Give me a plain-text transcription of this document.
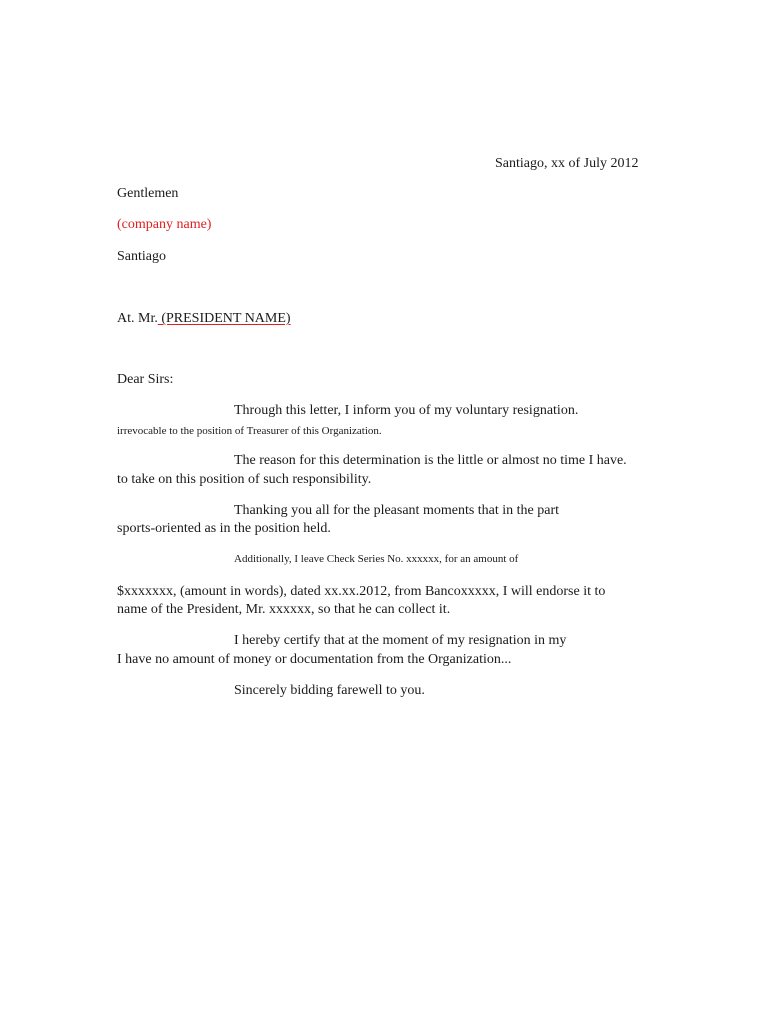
Santiago, xx of July 2012
Gentlemen
(company name)
Santiago
At. Mr. (PRESIDENT NAME)
Dear Sirs:
Through this letter, I inform you of my voluntary resignation.
irrevocable to the position of Treasurer of this Organization.
The reason for this determination is the little or almost no time I have.
to take on this position of such responsibility.
Thanking you all for the pleasant moments that in the part
sports-oriented as in the position held.
Additionally, I leave Check Series No. xxxxxx, for an amount of
$xxxxxxx, (amount in words), dated xx.xx.2012, from Bancoxxxxx, I will endorse it to
name of the President, Mr. xxxxxx, so that he can collect it.
I hereby certify that at the moment of my resignation in my
I have no amount of money or documentation from the Organization...
Sincerely bidding farewell to you.
